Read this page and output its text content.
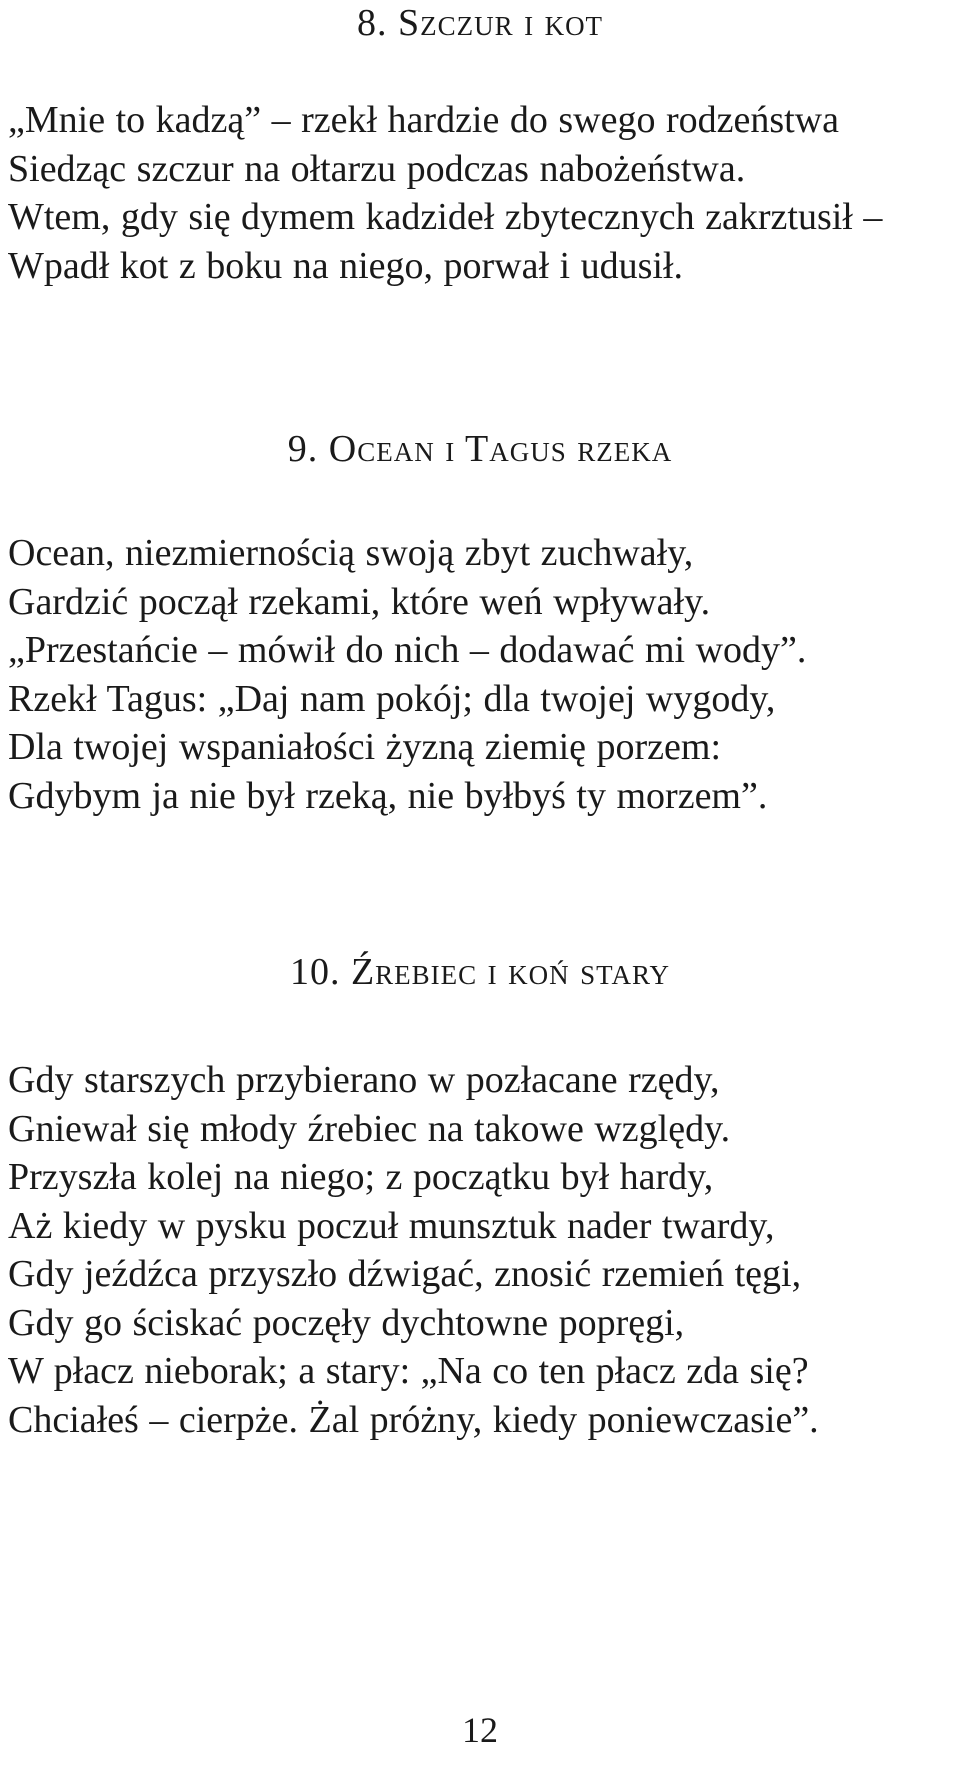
8. Szczur i kot
„Mnie to kadzą” – rzekł hardzie do swego rodzeństwa
Siedząc szczur na ołtarzu podczas nabożeństwa.
Wtem, gdy się dymem kadzideł zbytecznych zakrztusił –
Wpadł kot z boku na niego, porwał i udusił.
9. Ocean i Tagus rzeka
Ocean, niezmiernością swoją zbyt zuchwały,
Gardzić począł rzekami, które weń wpływały.
„Przestańcie – mówił do nich – dodawać mi wody”.
Rzekł Tagus: „Daj nam pokój; dla twojej wygody,
Dla twojej wspaniałości żyzną ziemię porzem:
Gdybym ja nie był rzeką, nie byłbyś ty morzem”.
10. Źrebiec i koń stary
Gdy starszych przybierano w pozłacane rzędy,
Gniewał się młody źrebiec na takowe względy.
Przyszła kolej na niego; z początku był hardy,
Aż kiedy w pysku poczuł munsztuk nader twardy,
Gdy jeźdźca przyszło dźwigać, znosić rzemień tęgi,
Gdy go ściskać poczęły dychtowne popręgi,
W płacz nieborak; a stary: „Na co ten płacz zda się?
Chciałeś – cierpże. Żal próżny, kiedy poniewczasie”.
12
